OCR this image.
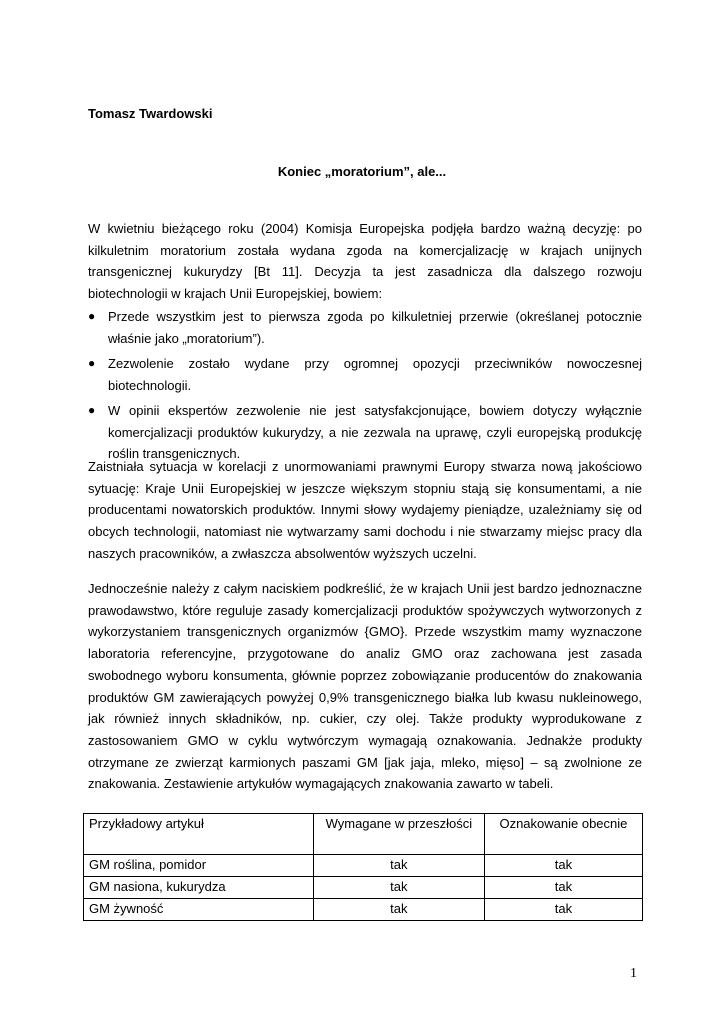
Tomasz Twardowski
Koniec „moratorium”, ale...

W kwietniu bieżącego roku (2004) Komisja Europejska podjęła bardzo ważną decyzję: po kilkuletnim moratorium została wydana zgoda na komercjalizację w krajach unijnych transgenicznej kukurydzy [Bt 11]. Decyzja ta jest zasadnicza dla dalszego rozwoju biotechnologii w krajach Unii Europejskiej, bowiem:

● Przede wszystkim jest to pierwsza zgoda po kilkuletniej przerwie (określanej potocznie właśnie jako „moratorium”).
● Zezwolenie zostało wydane przy ogromnej opozycji przeciwników nowoczesnej biotechnologii.
● W opinii ekspertów zezwolenie nie jest satysfakcjonujące, bowiem dotyczy wyłącznie komercjalizacji produktów kukurydzy, a nie zezwala na uprawę, czyli europejską produkcję roślin transgenicznych.

Zaistniała sytuacja w korelacji z unormowaniami prawnymi Europy stwarza nową jakościowo sytuację: Kraje Unii Europejskiej w jeszcze większym stopniu stają się konsumentami, a nie producentami nowatorskich produktów. Innymi słowy wydajemy pieniądze, uzależniamy się od obcych technologii, natomiast nie wytwarzamy sami dochodu i nie stwarzamy miejsc pracy dla naszych pracowników, a zwłaszcza absolwentów wyższych uczelni.

Jednocześnie należy z całym naciskiem podkreślić, że w krajach Unii jest bardzo jednoznaczne prawodawstwo, które reguluje zasady komercjalizacji produktów spożywczych wytworzonych z wykorzystaniem transgenicznych organizmów {GMO}. Przede wszystkim mamy wyznaczone laboratoria referencyjne, przygotowane do analiz GMO oraz zachowana jest zasada swobodnego wyboru konsumenta, głównie poprzez zobowiązanie producentów do znakowania produktów GM zawierających powyżej 0,9% transgenicznego białka lub kwasu nukleinowego, jak również innych składników, np. cukier, czy olej. Także produkty wyprodukowane z zastosowaniem GMO w cyklu wytwórczym wymagają oznakowania. Jednakże produkty otrzymane ze zwierząt karmionych paszami GM [jak jaja, mleko, mięso] – są zwolnione ze znakowania. Zestawienie artykułów wymagających znakowania zawarto w tabeli.

Przykładowy artykuł	Wymagane w przeszłości	Oznakowanie obecnie
GM roślina, pomidor	tak	tak
GM nasiona, kukurydza	tak	tak
GM żywność	tak	tak
1
